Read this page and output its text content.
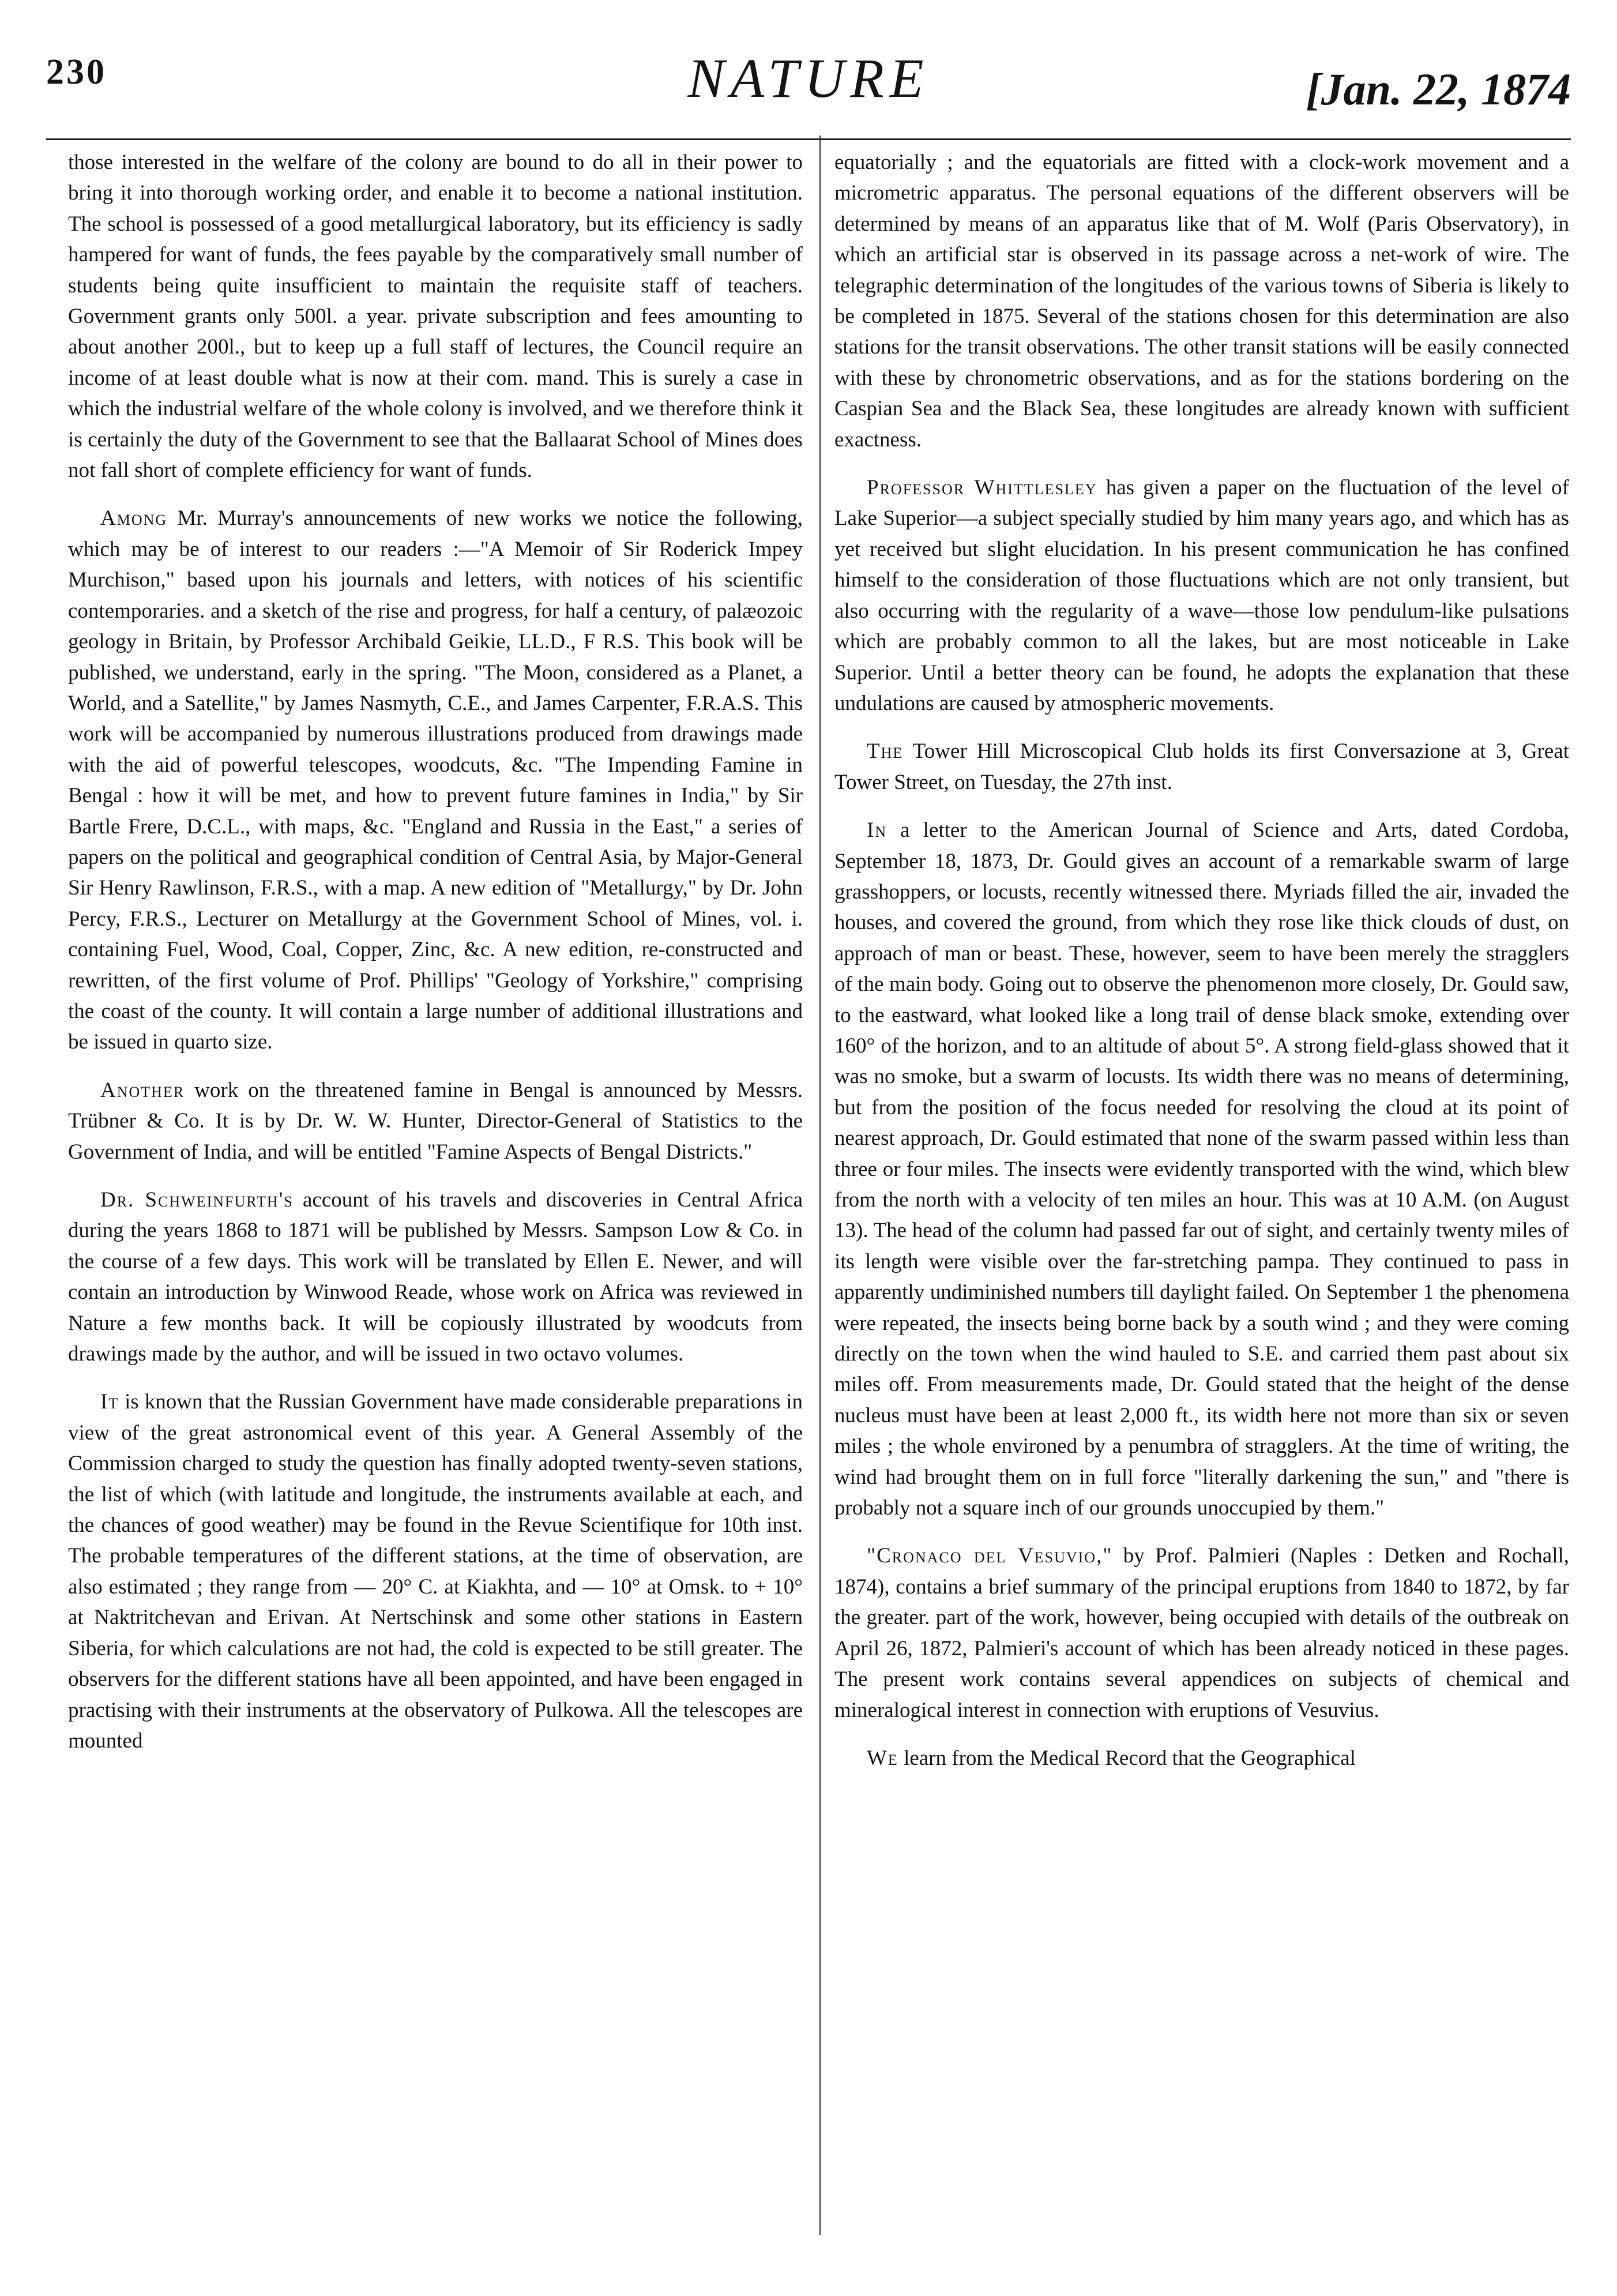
230	NATURE	[Jan. 22, 1874

those interested in the welfare of the colony are bound to do all in their power to bring it into thorough working order, and enable it to become a national institution. The school is possessed of a good metallurgical laboratory, but its efficiency is sadly hampered for want of funds, the fees payable by the comparatively small number of students being quite insufficient to maintain the requisite staff of teachers. Government grants only 500l. a year. private subscription and fees amounting to about another 200l., but to keep up a full staff of lectures, the Council require an income of at least double what is now at their com. mand. This is surely a case in which the industrial welfare of the whole colony is involved, and we therefore think it is certainly the duty of the Government to see that the Ballaarat School of Mines does not fall short of complete efficiency for want of funds.

Among Mr. Murray's announcements of new works we notice the following, which may be of interest to our readers :—"A Memoir of Sir Roderick Impey Murchison," based upon his journals and letters, with notices of his scientific contemporaries. and a sketch of the rise and progress, for half a century, of palæozoic geology in Britain, by Professor Archibald Geikie, LL.D., F R.S. This book will be published, we understand, early in the spring. "The Moon, considered as a Planet, a World, and a Satellite," by James Nasmyth, C.E., and James Carpenter, F.R.A.S. This work will be accompanied by numerous illustrations produced from drawings made with the aid of powerful telescopes, woodcuts, &c. "The Impending Famine in Bengal : how it will be met, and how to prevent future famines in India," by Sir Bartle Frere, D.C.L., with maps, &c. "England and Russia in the East," a series of papers on the political and geographical condition of Central Asia, by Major-General Sir Henry Rawlinson, F.R.S., with a map. A new edition of "Metallurgy," by Dr. John Percy, F.R.S., Lecturer on Metallurgy at the Government School of Mines, vol. i. containing Fuel, Wood, Coal, Copper, Zinc, &c. A new edition, re-constructed and rewritten, of the first volume of Prof. Phillips' "Geology of Yorkshire," comprising the coast of the county. It will contain a large number of additional illustrations and be issued in quarto size.

Another work on the threatened famine in Bengal is announced by Messrs. Trübner & Co. It is by Dr. W. W. Hunter, Director-General of Statistics to the Government of India, and will be entitled "Famine Aspects of Bengal Districts."

Dr. Schweinfurth's account of his travels and discoveries in Central Africa during the years 1868 to 1871 will be published by Messrs. Sampson Low & Co. in the course of a few days. This work will be translated by Ellen E. Newer, and will contain an introduction by Winwood Reade, whose work on Africa was reviewed in Nature a few months back. It will be copiously illustrated by woodcuts from drawings made by the author, and will be issued in two octavo volumes.

It is known that the Russian Government have made considerable preparations in view of the great astronomical event of this year. A General Assembly of the Commission charged to study the question has finally adopted twenty-seven stations, the list of which (with latitude and longitude, the instruments available at each, and the chances of good weather) may be found in the Revue Scientifique for 10th inst. The probable temperatures of the different stations, at the time of observation, are also estimated ; they range from — 20° C. at Kiakhta, and — 10° at Omsk. to + 10° at Naktritchevan and Erivan. At Nertschinsk and some other stations in Eastern Siberia, for which calculations are not had, the cold is expected to be still greater. The observers for the different stations have all been appointed, and have been engaged in practising with their instruments at the observatory of Pulkowa. All the telescopes are mounted

equatorially ; and the equatorials are fitted with a clock-work movement and a micrometric apparatus. The personal equations of the different observers will be determined by means of an apparatus like that of M. Wolf (Paris Observatory), in which an artificial star is observed in its passage across a net-work of wire. The telegraphic determination of the longitudes of the various towns of Siberia is likely to be completed in 1875. Several of the stations chosen for this determination are also stations for the transit observations. The other transit stations will be easily connected with these by chronometric observations, and as for the stations bordering on the Caspian Sea and the Black Sea, these longitudes are already known with sufficient exactness.

Professor Whittlesley has given a paper on the fluctuation of the level of Lake Superior—a subject specially studied by him many years ago, and which has as yet received but slight elucidation. In his present communication he has confined himself to the consideration of those fluctuations which are not only transient, but also occurring with the regularity of a wave—those low pendulum-like pulsations which are probably common to all the lakes, but are most noticeable in Lake Superior. Until a better theory can be found, he adopts the explanation that these undulations are caused by atmospheric movements.

The Tower Hill Microscopical Club holds its first Conversazione at 3, Great Tower Street, on Tuesday, the 27th inst.

In a letter to the American Journal of Science and Arts, dated Cordoba, September 18, 1873, Dr. Gould gives an account of a remarkable swarm of large grasshoppers, or locusts, recently witnessed there. Myriads filled the air, invaded the houses, and covered the ground, from which they rose like thick clouds of dust, on approach of man or beast. These, however, seem to have been merely the stragglers of the main body. Going out to observe the phenomenon more closely, Dr. Gould saw, to the eastward, what looked like a long trail of dense black smoke, extending over 160° of the horizon, and to an altitude of about 5°. A strong field-glass showed that it was no smoke, but a swarm of locusts. Its width there was no means of determining, but from the position of the focus needed for resolving the cloud at its point of nearest approach, Dr. Gould estimated that none of the swarm passed within less than three or four miles. The insects were evidently transported with the wind, which blew from the north with a velocity of ten miles an hour. This was at 10 A.M. (on August 13). The head of the column had passed far out of sight, and certainly twenty miles of its length were visible over the far-stretching pampa. They continued to pass in apparently undiminished numbers till daylight failed. On September 1 the phenomena were repeated, the insects being borne back by a south wind ; and they were coming directly on the town when the wind hauled to S.E. and carried them past about six miles off. From measurements made, Dr. Gould stated that the height of the dense nucleus must have been at least 2,000 ft., its width here not more than six or seven miles ; the whole environed by a penumbra of stragglers. At the time of writing, the wind had brought them on in full force "literally darkening the sun," and "there is probably not a square inch of our grounds unoccupied by them."

"Cronaco del Vesuvio," by Prof. Palmieri (Naples : Detken and Rochall, 1874), contains a brief summary of the principal eruptions from 1840 to 1872, by far the greater. part of the work, however, being occupied with details of the outbreak on April 26, 1872, Palmieri's account of which has been already noticed in these pages. The present work contains several appendices on subjects of chemical and mineralogical interest in connection with eruptions of Vesuvius.

We learn from the Medical Record that the Geographical
